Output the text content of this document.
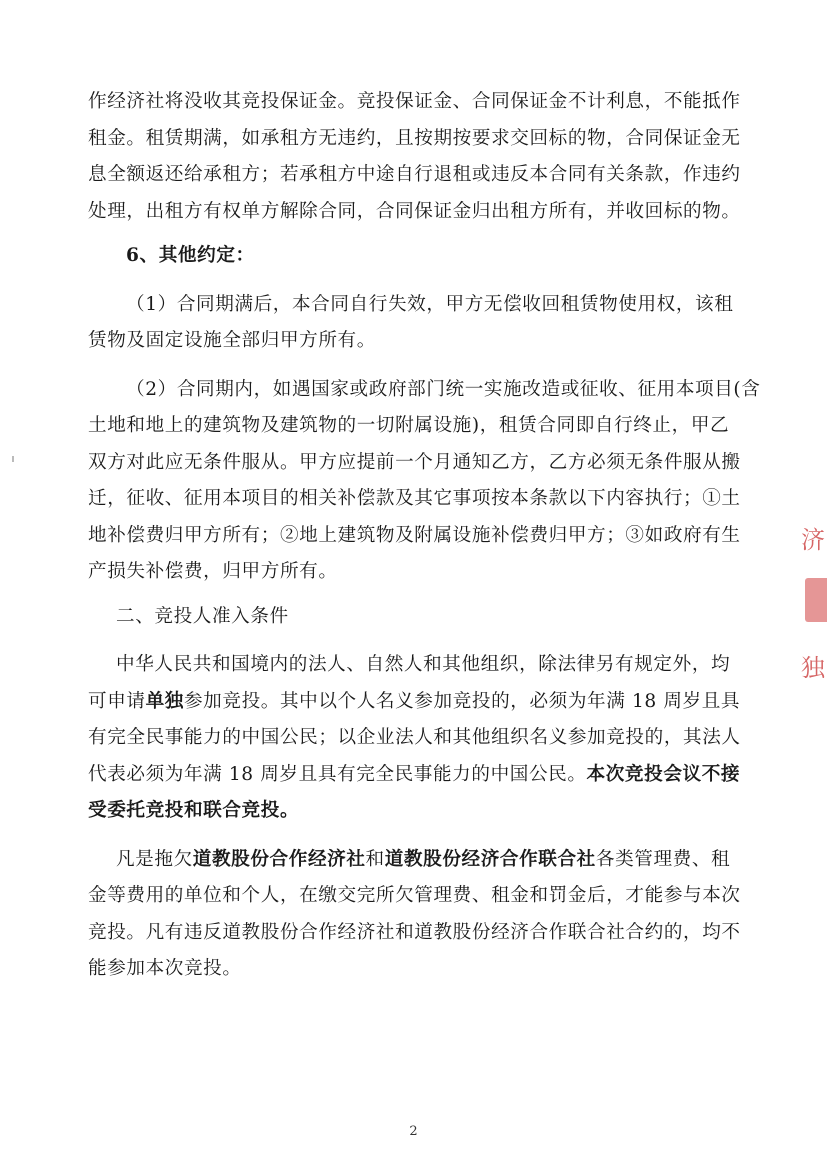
作经济社将没收其竞投保证金。竞投保证金、合同保证金不计利息，不能抵作
租金。租赁期满，如承租方无违约，且按期按要求交回标的物，合同保证金无
息全额返还给承租方；若承租方中途自行退租或违反本合同有关条款，作违约
处理，出租方有权单方解除合同，合同保证金归出租方所有，并收回标的物。

6、其他约定：

（1）合同期满后，本合同自行失效，甲方无偿收回租赁物使用权，该租
赁物及固定设施全部归甲方所有。

（2）合同期内，如遇国家或政府部门统一实施改造或征收、征用本项目(含
土地和地上的建筑物及建筑物的一切附属设施)，租赁合同即自行终止，甲乙
双方对此应无条件服从。甲方应提前一个月通知乙方，乙方必须无条件服从搬
迁，征收、征用本项目的相关补偿款及其它事项按本条款以下内容执行；①土
地补偿费归甲方所有；②地上建筑物及附属设施补偿费归甲方；③如政府有生
产损失补偿费，归甲方所有。

二、竞投人准入条件

中华人民共和国境内的法人、自然人和其他组织，除法律另有规定外，均
可申请单独参加竞投。其中以个人名义参加竞投的，必须为年满 18 周岁且具
有完全民事能力的中国公民；以企业法人和其他组织名义参加竞投的，其法人
代表必须为年满 18 周岁且具有完全民事能力的中国公民。本次竞投会议不接
受委托竞投和联合竞投。

凡是拖欠道教股份合作经济社和道教股份经济合作联合社各类管理费、租
金等费用的单位和个人，在缴交完所欠管理费、租金和罚金后，才能参与本次
竞投。凡有违反道教股份合作经济社和道教股份经济合作联合社合约的，均不
能参加本次竞投。

济
独
2
